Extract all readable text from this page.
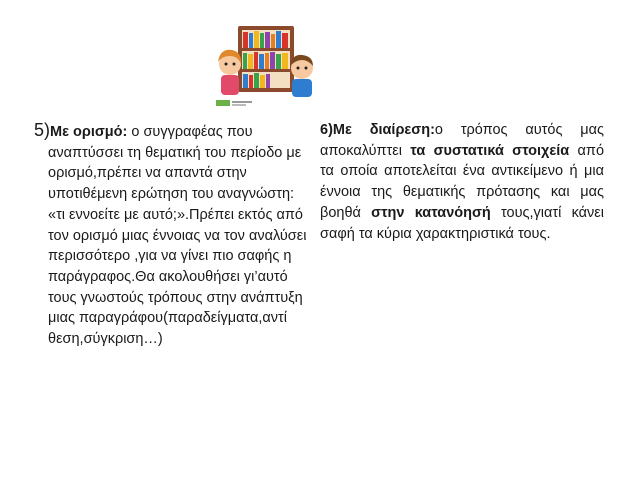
5)Με ορισμό: ο συγγραφέας που
αναπτύσσει τη θεματική του περίοδο με ορισμό,πρέπει να απαντά στην υποτιθέμενη ερώτηση του αναγνώστη: «τι εννοείτε με αυτό;».Πρέπει εκτός από τον ορισμό μιας έννοιας να τον αναλύσει περισσότερο ,για να γίνει πιο σαφής η παράγραφος.Θα ακολουθήσει γι’αυτό τους γνωστούς τρόπους στην ανάπτυξη μιας παραγράφου(παραδείγματα,αντί θεση,σύγκριση…)
6)Με διαίρεση:ο τρόπος αυτός μας αποκαλύπτει τα συστατικά στοιχεία από τα οποία αποτελείται ένα αντικείμενο ή μια έννοια της θεματικής πρότασης και μας βοηθά στην κατανόησή τους,γιατί κάνει σαφή τα κύρια χαρακτηριστικά τους.
